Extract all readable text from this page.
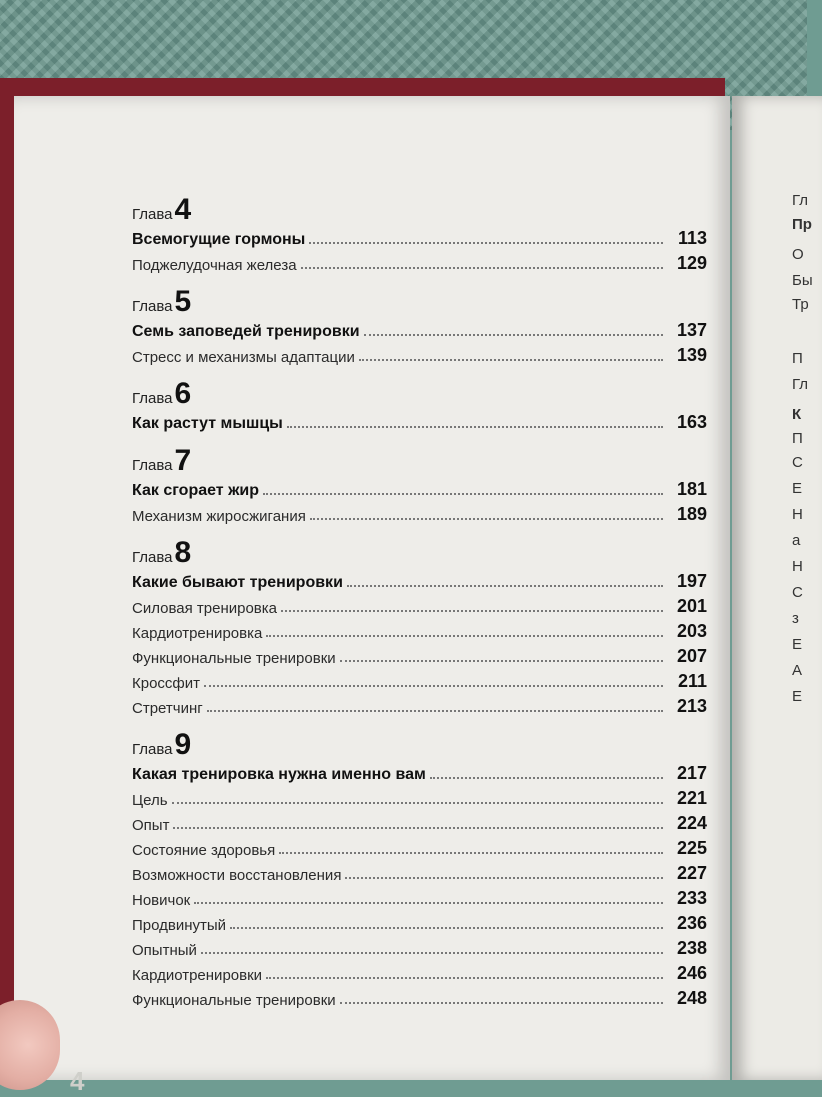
Гл
Пр
О
Бы
Тр
П
Гл
К
П
С
Е
Н
а
Н
С
з
Е
А
Е
Глава 4
Всемогущие гормоны	113
Поджелудочная железа	129
Глава 5
Семь заповедей тренировки	137
Стресс и механизмы адаптации	139
Глава 6
Как растут мышцы	163
Глава 7
Как сгорает жир	181
Механизм жиросжигания	189
Глава 8
Какие бывают тренировки	197
Силовая тренировка	201
Кардиотренировка	203
Функциональные тренировки	207
Кроссфит	211
Стретчинг	213
Глава 9
Какая тренировка нужна именно вам	217
Цель	221
Опыт	224
Состояние здоровья	225
Возможности восстановления	227
Новичок	233
Продвинутый	236
Опытный	238
Кардиотренировки	246
Функциональные тренировки	248
4
